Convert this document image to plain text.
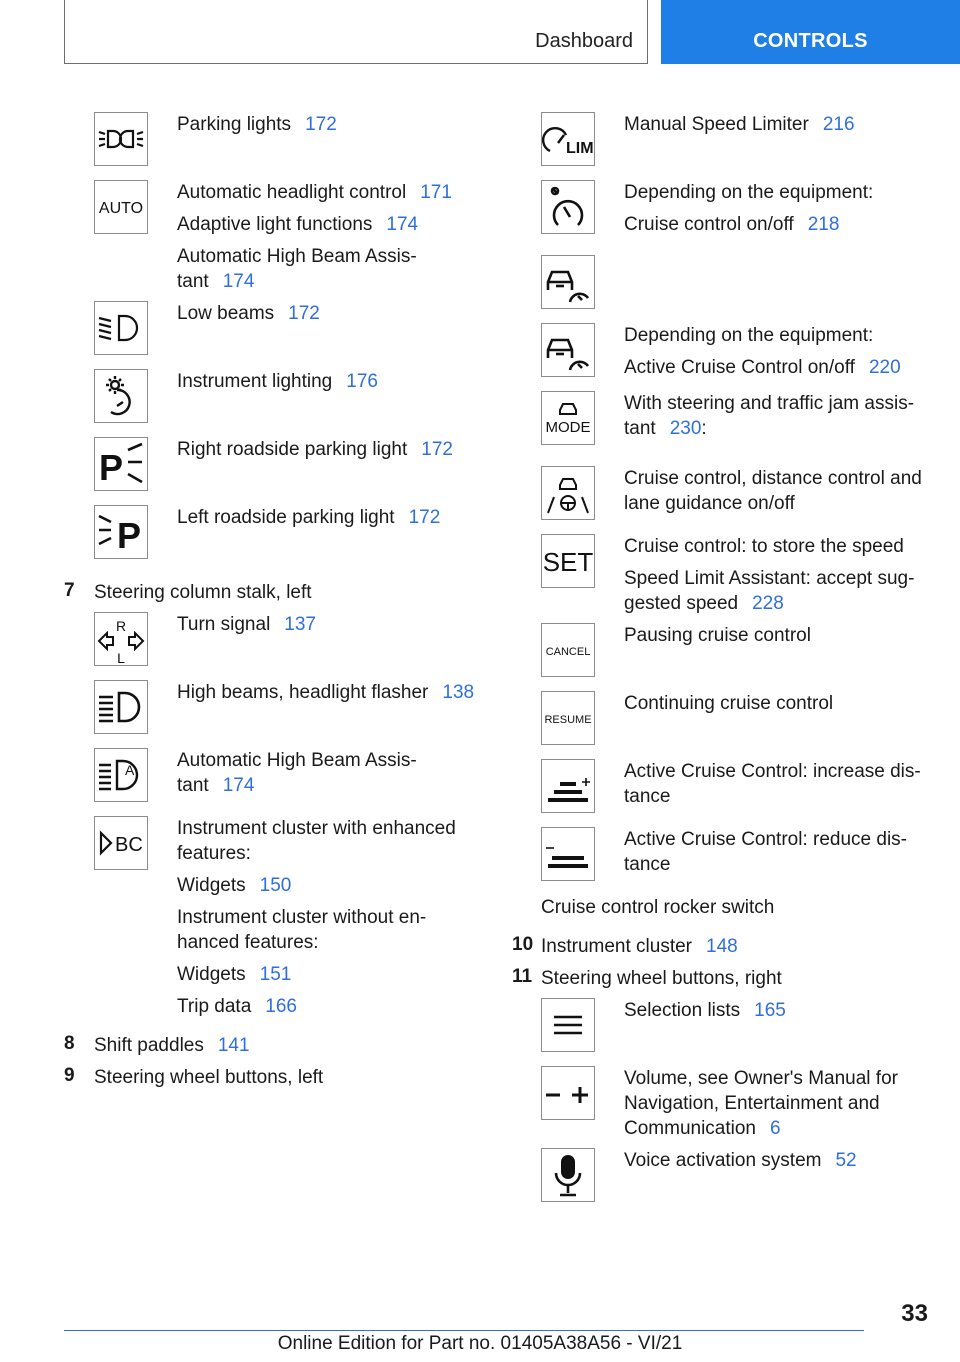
Dashboard	CONTROLS
Parking lights 172
AUTO
Automatic headlight control 171
Adaptive light functions 174
Automatic High Beam Assis-
tant 174
Low beams 172
Instrument lighting 176
P	Right roadside parking light 172
P Left roadside parking light 172
7 Steering column stalk, left
R
L
Turn signal 137
High beams, headlight flasher 138
A Automatic High Beam Assis-
tant 174
BC
Instrument cluster with enhanced
features:
Widgets 150
Instrument cluster without en-
hanced features:
Widgets 151
Trip data 166
8 Shift paddles 141
9 Steering wheel buttons, left
LIM
Manual Speed Limiter 216
Depending on the equipment:
Cruise control on/off 218
Depending on the equipment:
Active Cruise Control on/off 220
MODE
With steering and traffic jam assis-
tant 230:
Cruise control, distance control and
lane guidance on/off
SET
Cruise control: to store the speed
Speed Limit Assistant: accept sug-
gested speed 228
CANCEL
Pausing cruise control
RESUME
Continuing cruise control
Active Cruise Control: increase dis-
tance
Active Cruise Control: reduce dis-
tance
Cruise control rocker switch
10 Instrument cluster 148
11 Steering wheel buttons, right
Selection lists 165
Volume, see Owner's Manual for
Navigation, Entertainment and
Communication 6
Voice activation system 52
33
Online Edition for Part no. 01405A38A56 - VI/21
